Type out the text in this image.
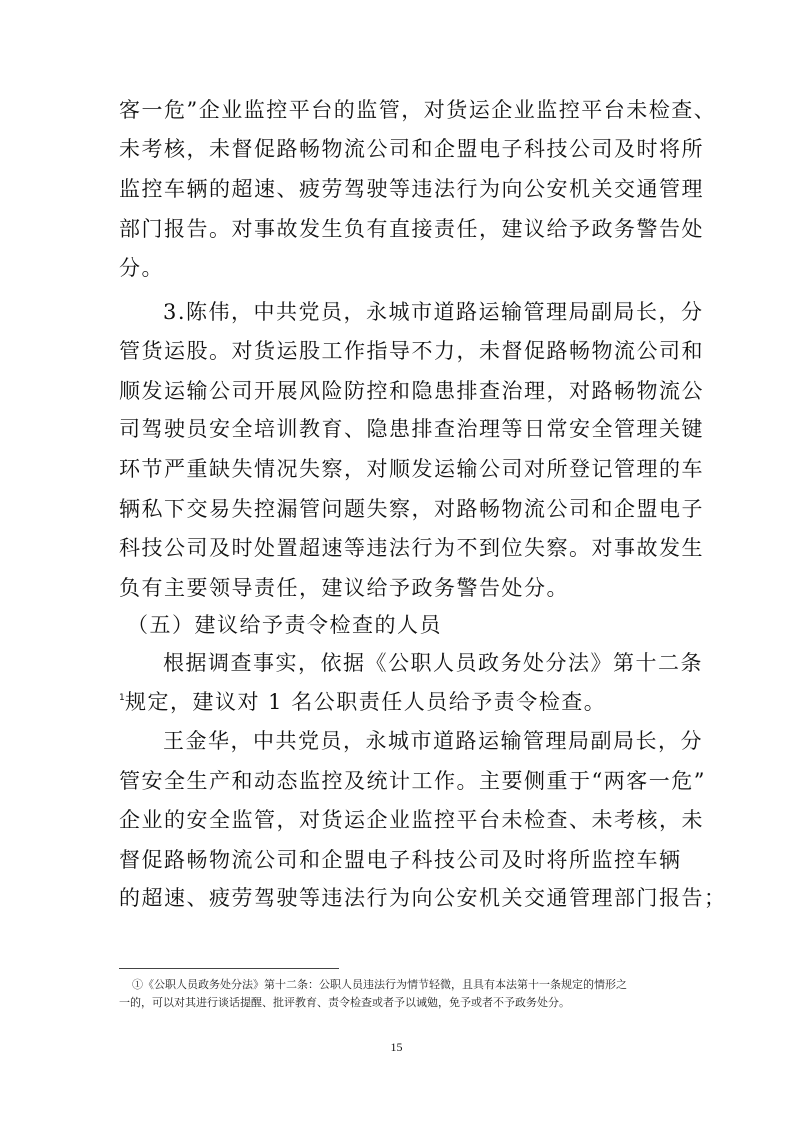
客一危”企业监控平台的监管，对货运企业监控平台未检查、
未考核，未督促路畅物流公司和企盟电子科技公司及时将所
监控车辆的超速、疲劳驾驶等违法行为向公安机关交通管理
部门报告。对事故发生负有直接责任，建议给予政务警告处
分。
3.陈伟，中共党员，永城市道路运输管理局副局长，分
管货运股。对货运股工作指导不力，未督促路畅物流公司和
顺发运输公司开展风险防控和隐患排查治理，对路畅物流公
司驾驶员安全培训教育、隐患排查治理等日常安全管理关键
环节严重缺失情况失察，对顺发运输公司对所登记管理的车
辆私下交易失控漏管问题失察，对路畅物流公司和企盟电子
科技公司及时处置超速等违法行为不到位失察。对事故发生
负有主要领导责任，建议给予政务警告处分。
（五）建议给予责令检查的人员
根据调查事实，依据《公职人员政务处分法》第十二条
1 规定，建议对 1 名公职责任人员给予责令检查。
王金华，中共党员，永城市道路运输管理局副局长，分
管安全生产和动态监控及统计工作。主要侧重于“两客一危”
企业的安全监管，对货运企业监控平台未检查、未考核，未
督促路畅物流公司和企盟电子科技公司及时将所监控车辆
的超速、疲劳驾驶等违法行为向公安机关交通管理部门报告；
①《公职人员政务处分法》第十二条：公职人员违法行为情节轻微，且具有本法第十一条规定的情形之
一的，可以对其进行谈话提醒、批评教育、责令检查或者予以诫勉，免予或者不予政务处分。
15
